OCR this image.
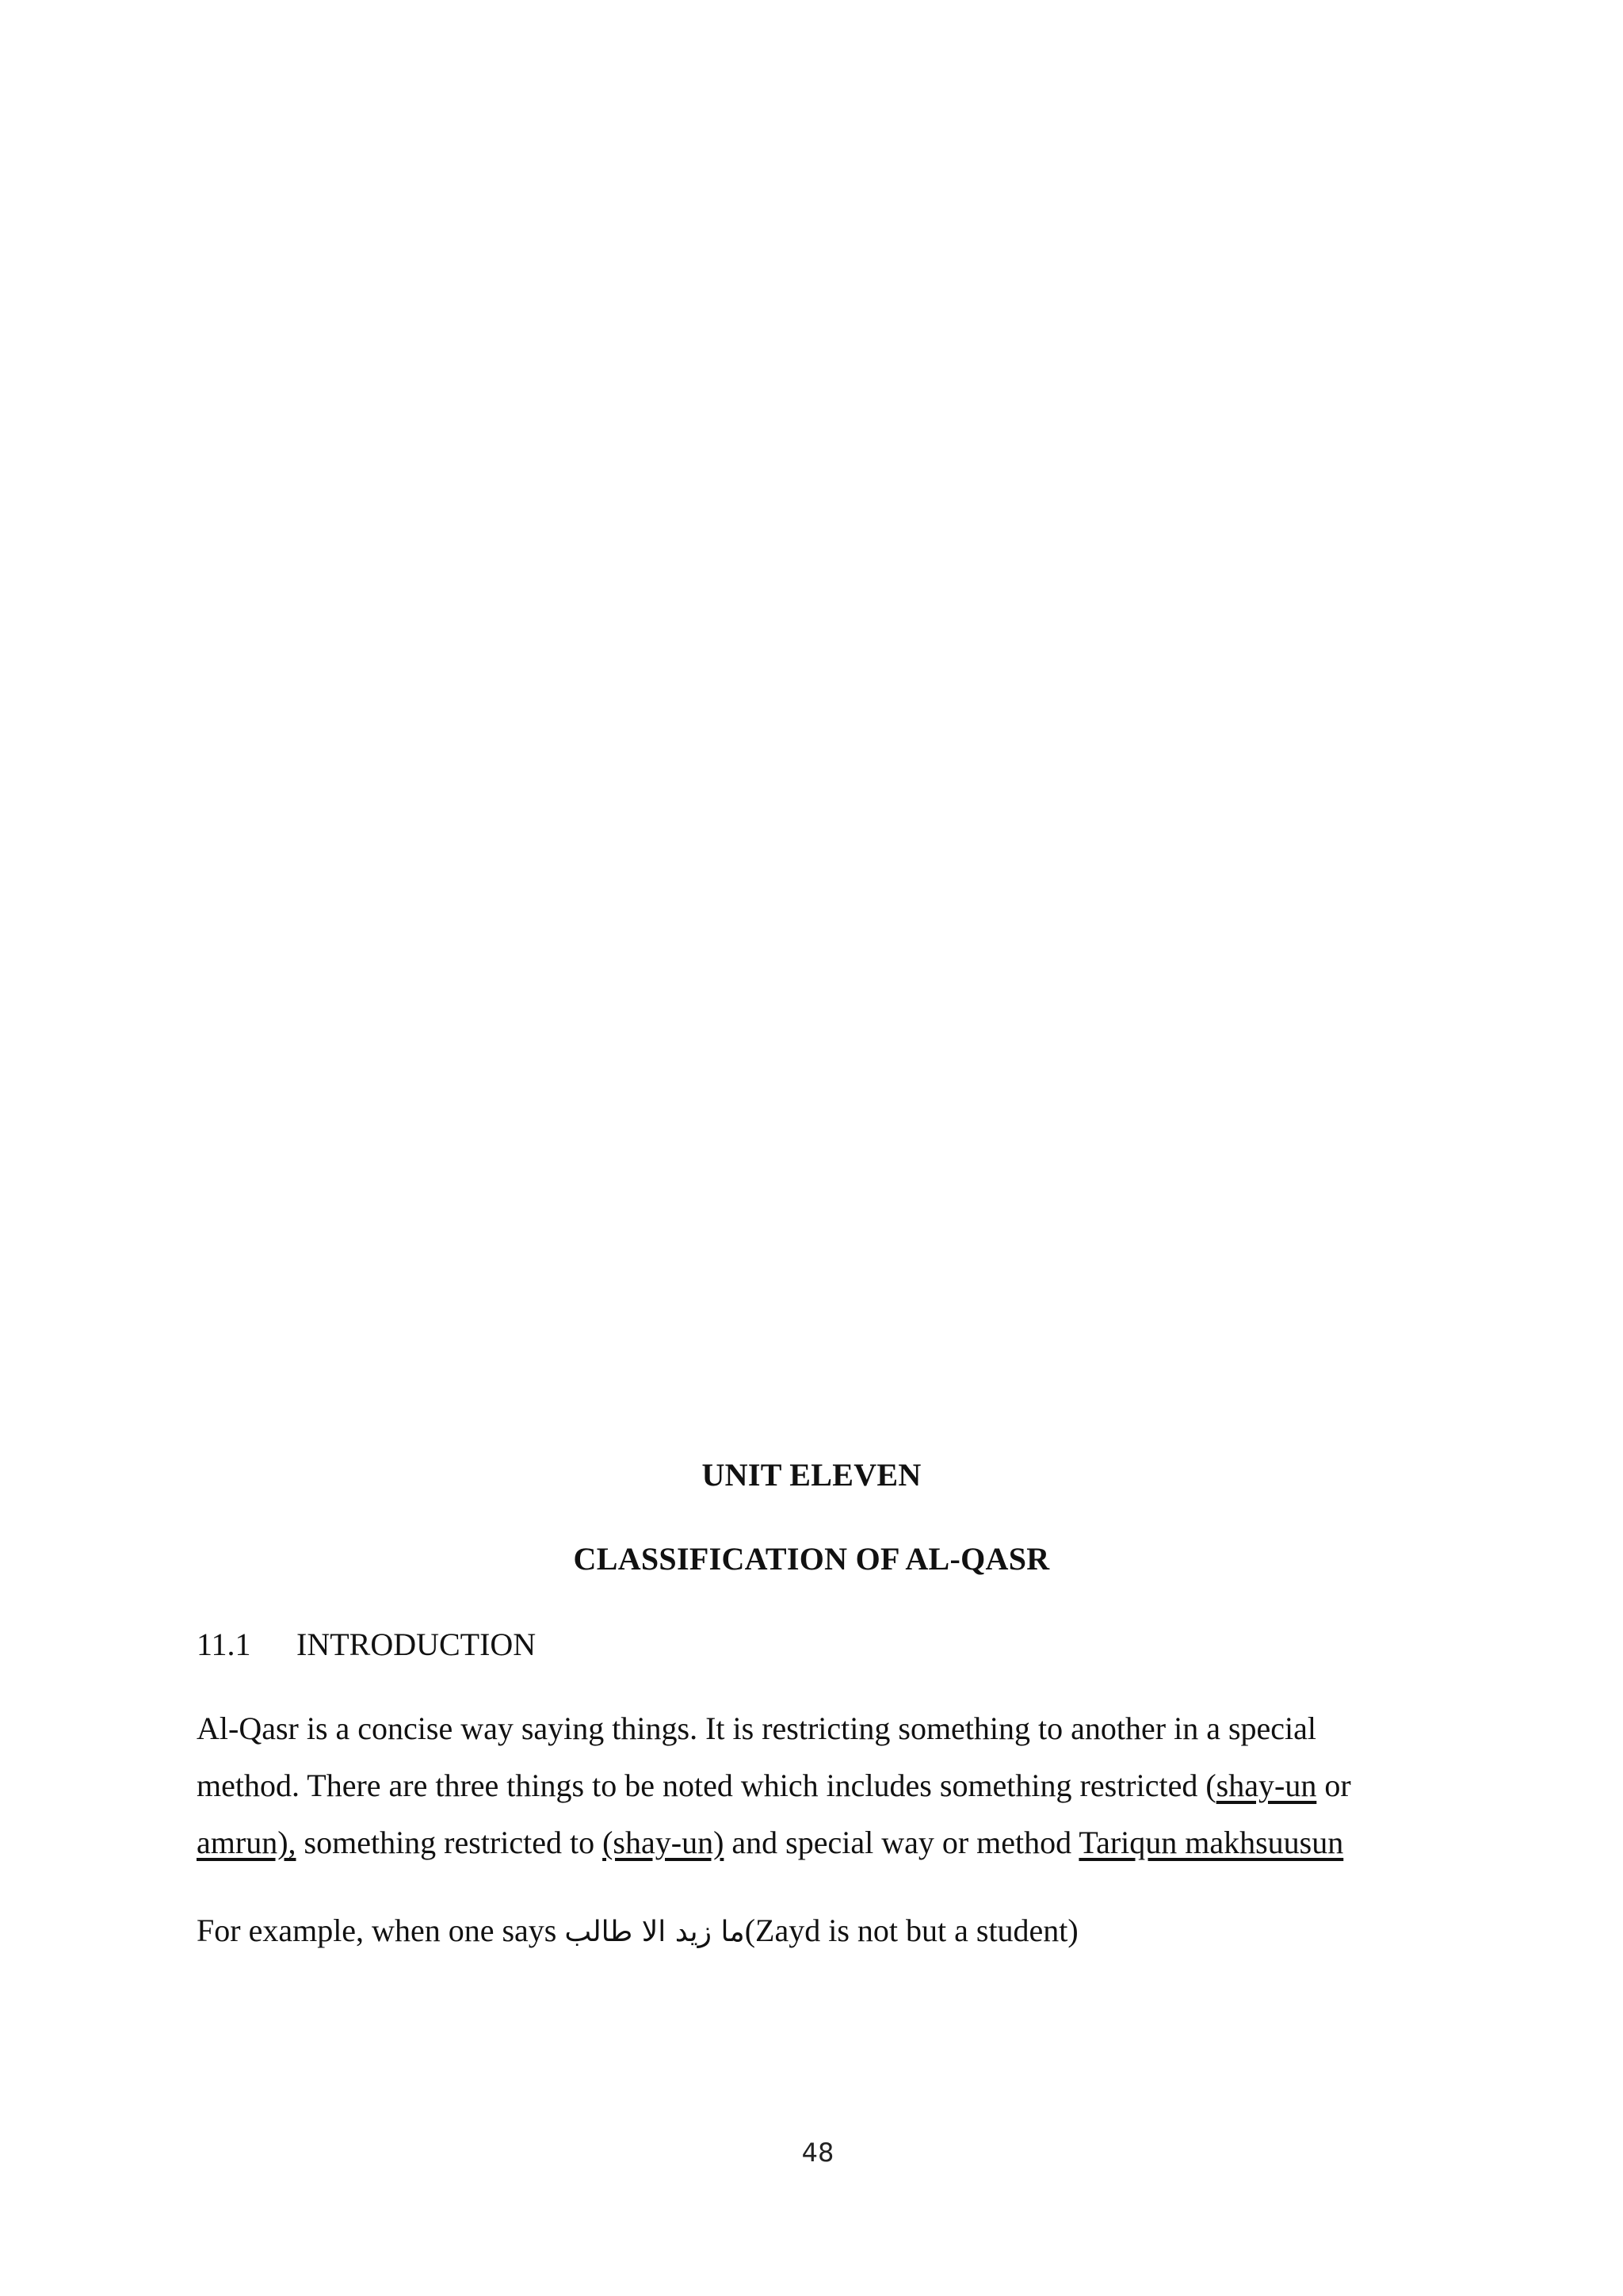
UNIT ELEVEN
CLASSIFICATION OF AL-QASR
11.1 INTRODUCTION
Al-Qasr is a concise way saying things. It is restricting something to another in a special
method. There are three things to be noted which includes something restricted (shay-un or
amrun), something restricted to (shay-un) and special way or method Tariqun makhsuusun
For example, when one says ما زيد الا طالب(Zayd is not but a student)
48
